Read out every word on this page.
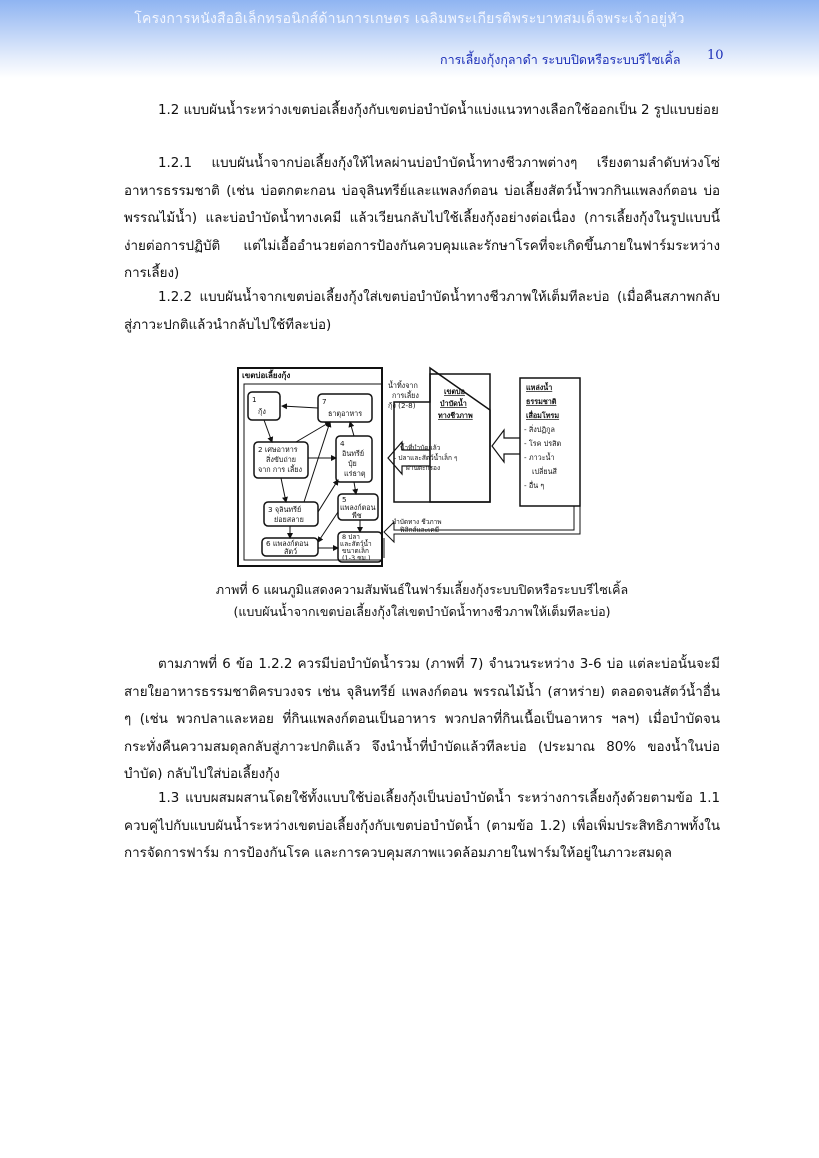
โครงการหนังสืออิเล็กทรอนิกส์ด้านการเกษตร เฉลิมพระเกียรติพระบาทสมเด็จพระเจ้าอยู่หัว
การเลี้ยงกุ้งกุลาดำ ระบบปิดหรือระบบรีไซเคิ้ล 10

1.2 แบบผันน้ำระหว่างเขตบ่อเลี้ยงกุ้งกับเขตบ่อบำบัดน้ำแบ่งแนวทางเลือกใช้ออกเป็น 2 รูปแบบย่อย

1.2.1 แบบผันน้ำจากบ่อเลี้ยงกุ้งให้ไหลผ่านบ่อบำบัดน้ำทางชีวภาพต่างๆ เรียงตามลำดับห่วงโซ่อาหารธรรมชาติ (เช่น บ่อตกตะกอน บ่อจุลินทรีย์และแพลงก์ตอน บ่อเลี้ยงสัตว์น้ำพวกกินแพลงก์ตอน บ่อพรรณไม้น้ำ) และบ่อบำบัดน้ำทางเคมี แล้วเวียนกลับไปใช้เลี้ยงกุ้งอย่างต่อเนื่อง (การเลี้ยงกุ้งในรูปแบบนี้ง่ายต่อการปฏิบัติ แต่ไม่เอื้ออำนวยต่อการป้องกันควบคุมและรักษาโรคที่จะเกิดขึ้นภายในฟาร์มระหว่างการเลี้ยง)

1.2.2 แบบผันน้ำจากเขตบ่อเลี้ยงกุ้งใส่เขตบ่อบำบัดน้ำทางชีวภาพให้เต็มทีละบ่อ (เมื่อคืนสภาพกลับสู่ภาวะปกติแล้วนำกลับไปใช้ทีละบ่อ)

เขตบ่อเลี้ยงกุ้ง
1
กุ้ง
7
ธาตุอาหาร
2 เศษอาหาร
สิ่งขับถ่าย
จาก การ เลี้ยง
4
อินทรีย์
ปุ๋ย
แร่ธาตุ
3 จุลินทรีย์
ย่อยสลาย
5
แพลงก์ตอน
พืช
6 แพลงก์ตอน
สัตว์
8 ปลา
และสัตว์น้ำ
ขนาดเล็ก
(1-3 ซม.)
น้ำทิ้งจาก
การเลี้ยง
กุ้ง (2-8)
เขตบ่อ
บำบัดน้ำ
ทางชีวภาพ
น้ำที่บำบัดแล้ว
- ปลาและสัตว์น้ำเล็ก ๆ
ผ่านตะกรอง
บำบัดทาง ชีวภาพ
ฟิสิกส์และเคมี
แหล่งน้ำ
ธรรมชาติ
เสื่อมโทรม
- สิ่งปฏิกูล
- โรค ปรสิต
- ภาวะน้ำ
เปลี่ยนสี
- อื่น ๆ
ภาพที่ 6 แผนภูมิแสดงความสัมพันธ์ในฟาร์มเลี้ยงกุ้งระบบปิดหรือระบบรีไซเคิ้ล
(แบบผันน้ำจากเขตบ่อเลี้ยงกุ้งใส่เขตบำบัดน้ำทางชีวภาพให้เต็มทีละบ่อ)

ตามภาพที่ 6 ข้อ 1.2.2 ควรมีบ่อบำบัดน้ำรวม (ภาพที่ 7) จำนวนระหว่าง 3-6 บ่อ แต่ละบ่อนั้นจะมีสายใยอาหารธรรมชาติครบวงจร เช่น จุลินทรีย์ แพลงก์ตอน พรรณไม้น้ำ (สาหร่าย) ตลอดจนสัตว์น้ำอื่น ๆ (เช่น พวกปลาและหอย ที่กินแพลงก์ตอนเป็นอาหาร พวกปลาที่กินเนื้อเป็นอาหาร ฯลฯ) เมื่อบำบัดจนกระทั่งคืนความสมดุลกลับสู่ภาวะปกติแล้ว จึงนำน้ำที่บำบัดแล้วทีละบ่อ (ประมาณ 80% ของน้ำในบ่อบำบัด) กลับไปใส่บ่อเลี้ยงกุ้ง

1.3 แบบผสมผสานโดยใช้ทั้งแบบใช้บ่อเลี้ยงกุ้งเป็นบ่อบำบัดน้ำ ระหว่างการเลี้ยงกุ้งด้วยตามข้อ 1.1 ควบคู่ไปกับแบบผันน้ำระหว่างเขตบ่อเลี้ยงกุ้งกับเขตบ่อบำบัดน้ำ (ตามข้อ 1.2) เพื่อเพิ่มประสิทธิภาพทั้งในการจัดการฟาร์ม การป้องกันโรค และการควบคุมสภาพแวดล้อมภายในฟาร์มให้อยู่ในภาวะสมดุล
